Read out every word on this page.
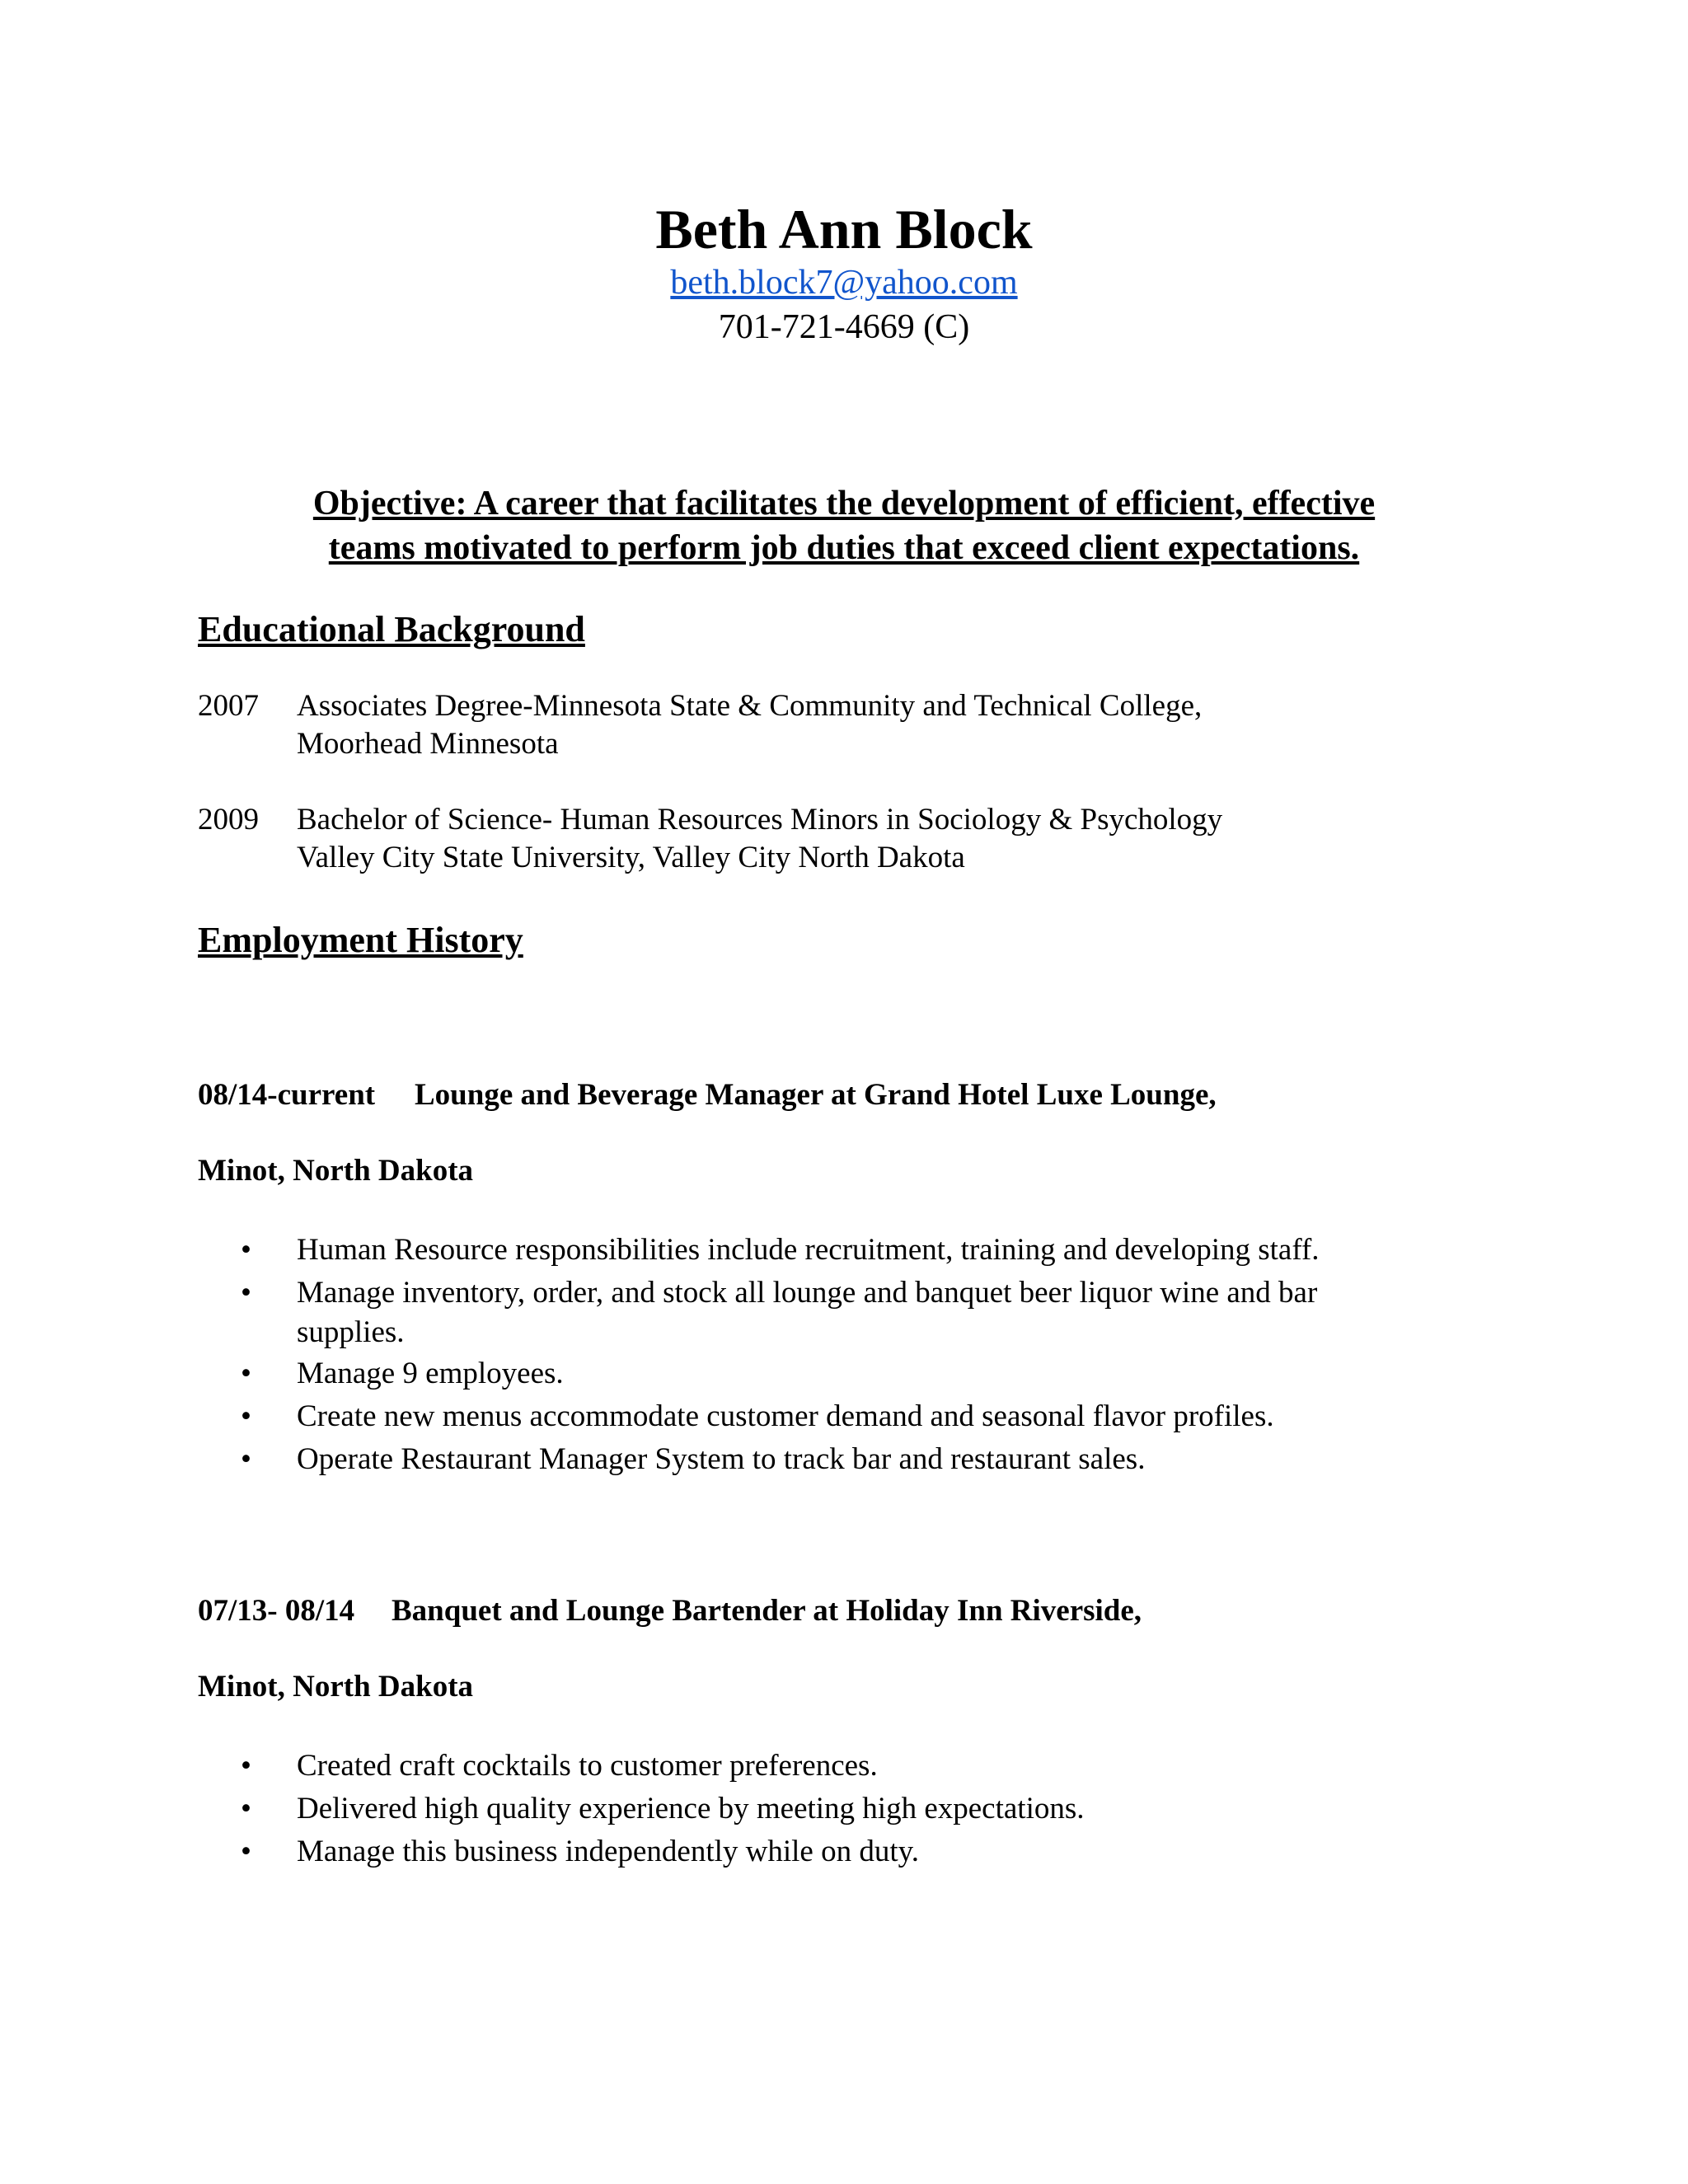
Beth Ann Block
beth.block7@yahoo.com
701-721-4669 (C)
Objective: A career that facilitates the development of efficient, effective
teams motivated to perform job duties that exceed client expectations.
Educational Background
2007 Associates Degree-Minnesota State & Community and Technical College,
Moorhead Minnesota
2009 Bachelor of Science- Human Resources Minors in Sociology & Psychology
Valley City State University, Valley City North Dakota
Employment History
08/14-current Lounge and Beverage Manager at Grand Hotel Luxe Lounge,
Minot, North Dakota
• Human Resource responsibilities include recruitment, training and developing staff.
• Manage inventory, order, and stock all lounge and banquet beer liquor wine and bar
supplies.
• Manage 9 employees.
• Create new menus accommodate customer demand and seasonal flavor profiles.
• Operate Restaurant Manager System to track bar and restaurant sales.
07/13- 08/14 Banquet and Lounge Bartender at Holiday Inn Riverside,
Minot, North Dakota
• Created craft cocktails to customer preferences.
• Delivered high quality experience by meeting high expectations.
• Manage this business independently while on duty.
